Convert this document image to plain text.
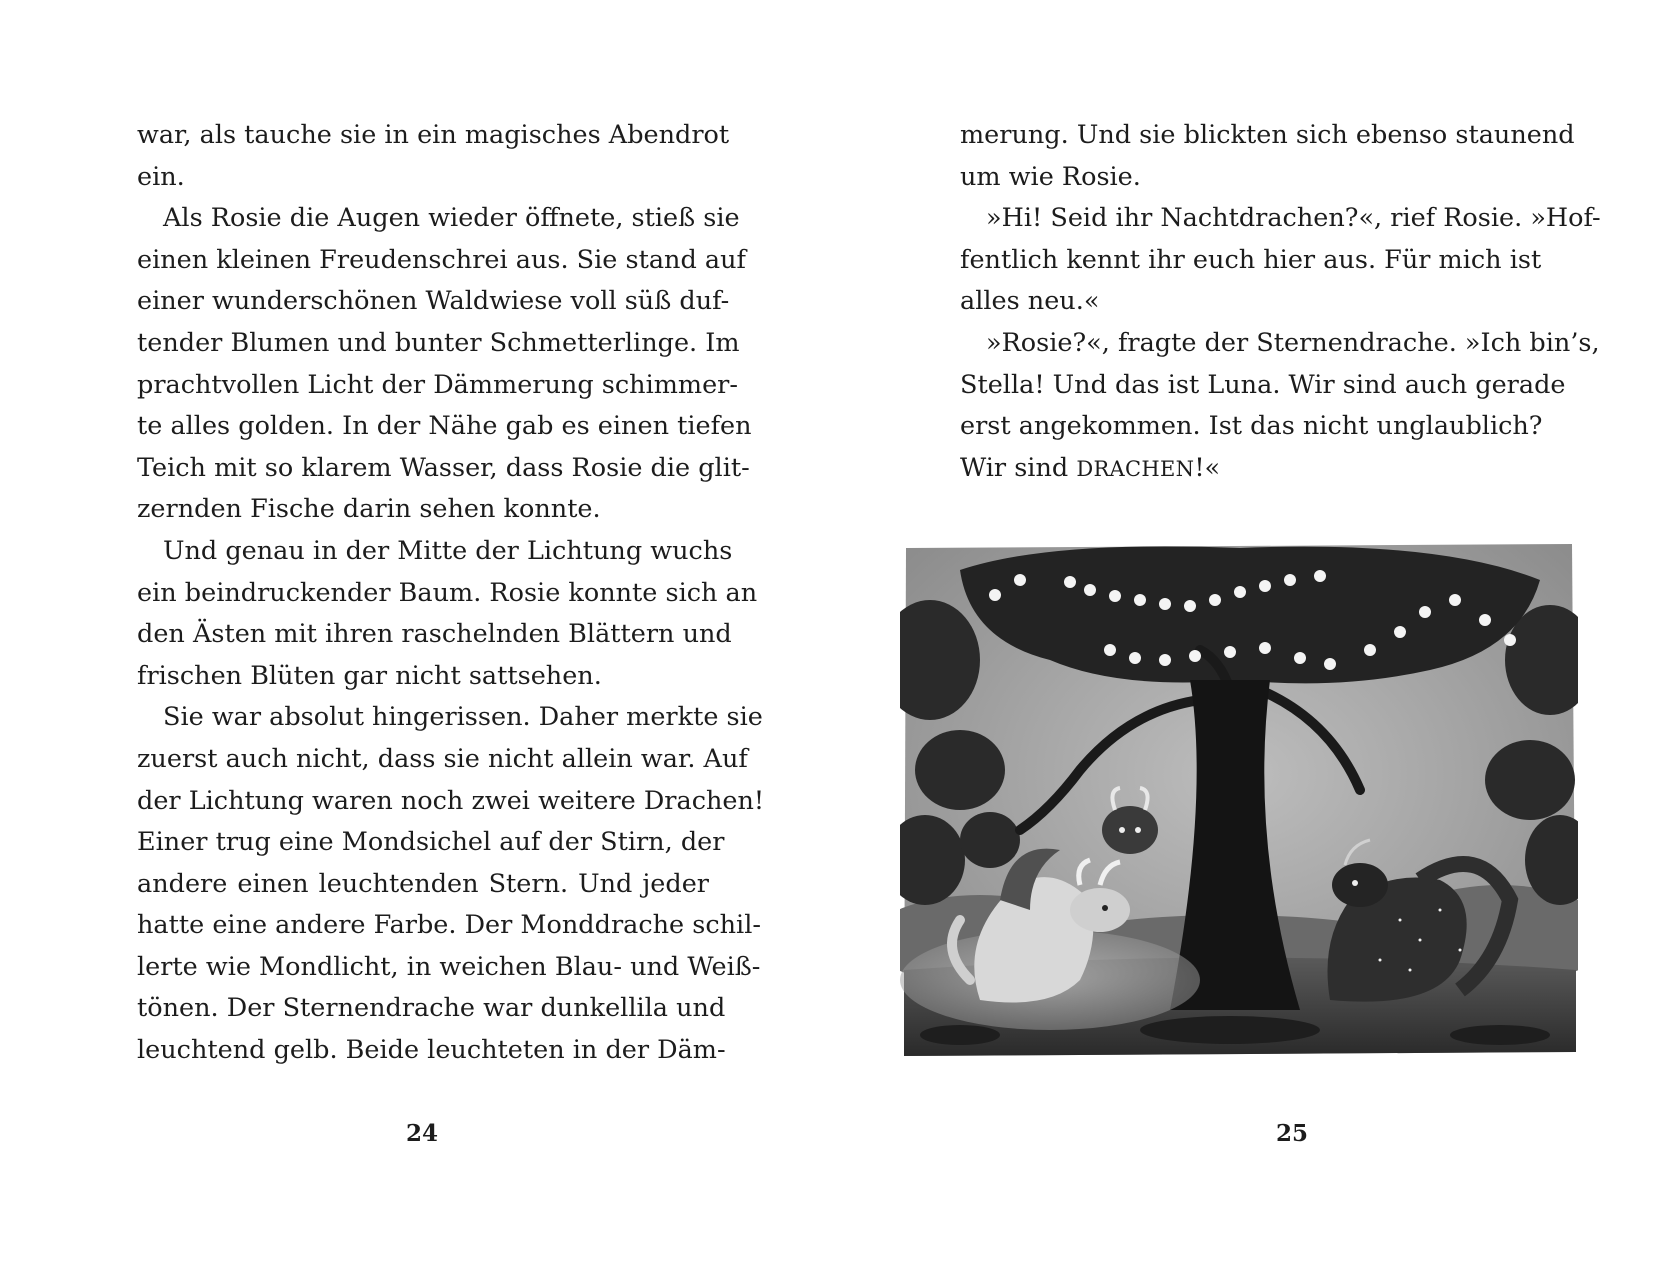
war, als tauche sie in ein magisches Abendrot
ein.
Als Rosie die Augen wieder öffnete, stieß sie
einen kleinen Freudenschrei aus. Sie stand auf
einer wunderschönen Waldwiese voll süß duf-
tender Blumen und bunter Schmetterlinge. Im
prachtvollen Licht der Dämmerung schimmer-
te alles golden. In der Nähe gab es einen tiefen
Teich mit so klarem Wasser, dass Rosie die glit-
zernden Fische darin sehen konnte.
Und genau in der Mitte der Lichtung wuchs
ein beindruckender Baum. Rosie konnte sich an
den Ästen mit ihren raschelnden Blättern und
frischen Blüten gar nicht sattsehen.
Sie war absolut hingerissen. Daher merkte sie
zuerst auch nicht, dass sie nicht allein war. Auf
der Lichtung waren noch zwei weitere Drachen!
Einer trug eine Mondsichel auf der Stirn, der
andere einen leuchtenden Stern. Und jeder
hatte eine andere Farbe. Der Monddrache schil-
lerte wie Mondlicht, in weichen Blau- und Weiß-
tönen. Der Sternendrache war dunkellila und
leuchtend gelb. Beide leuchteten in der Däm-
24
merung. Und sie blickten sich ebenso staunend
um wie Rosie.
»Hi! Seid ihr Nachtdrachen?«, rief Rosie. »Hof-
fentlich kennt ihr euch hier aus. Für mich ist
alles neu.«
»Rosie?«, fragte der Sternendrache. »Ich bin’s,
Stella! Und das ist Luna. Wir sind auch gerade
erst angekommen. Ist das nicht unglaublich?
Wir sind DRACHEN!«
25
